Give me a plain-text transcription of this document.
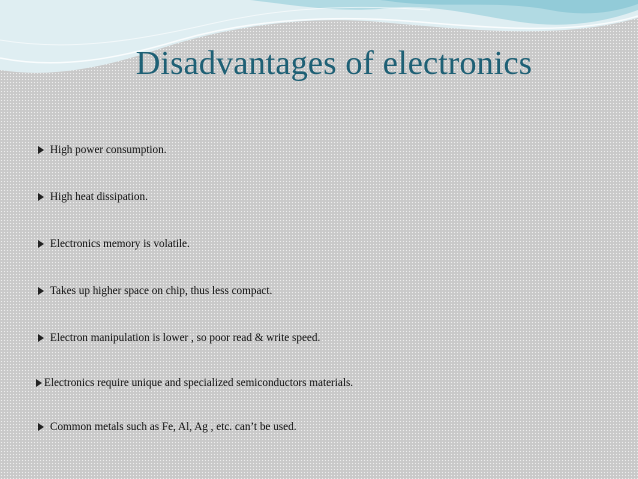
Disadvantages of electronics
High power consumption.
High heat dissipation.
Electronics memory is volatile.
Takes up higher space on chip, thus less compact.
Electron manipulation is lower , so poor read & write speed.
Electronics require unique and specialized semiconductors materials.
Common metals such as Fe, Al, Ag , etc. can’t be used.
